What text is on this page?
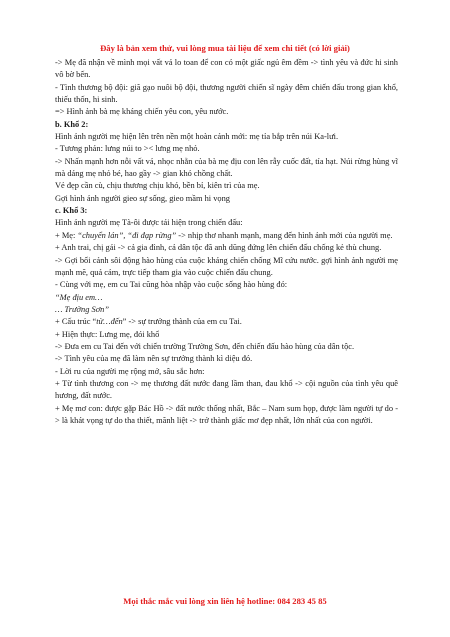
Đây là bản xem thử, vui lòng mua tài liệu để xem chi tiết (có lời giải)

-> Mẹ đã nhận về mình mọi vất vả lo toan để con có một giấc ngủ êm đềm -> tình yêu và đức hi sinh vô bờ bến.

- Tình thương bộ đội: giã gạo nuôi bộ đội, thương người chiến sĩ ngày đêm chiến đấu trong gian khổ, thiếu thốn, hi sinh.

=> Hình ảnh bà mẹ kháng chiến yêu con, yêu nước.

b. Khổ 2:

Hình ảnh người mẹ hiện lên trên nền một hoàn cảnh mới: mẹ tỉa bắp trên núi Ka-lưi.

- Tương phản: lưng núi to >< lưng mẹ nhỏ.

-> Nhấn mạnh hơn nỗi vất vả, nhọc nhằn của bà mẹ địu con lên rẫy cuốc đất, tỉa hạt. Núi rừng hùng vĩ mà dáng mẹ nhỏ bé, hao gầy -> gian khó chồng chất.

Vẻ đẹp cần cù, chịu thương chịu khó, bền bỉ, kiên trì của mẹ.

Gợi hình ảnh người gieo sự sống, gieo mầm hi vọng

c. Khổ 3:

Hình ảnh người mẹ Tà-ôi được tái hiện trong chiến đấu:

+ Mẹ: “chuyển lán”, “đi đạp rừng” -> nhịp thơ nhanh mạnh, mang đến hình ảnh mới của người mẹ.

+ Anh trai, chị gái -> cả gia đình, cả dân tộc đã anh dũng đứng lên chiến đấu chống kẻ thù chung.

-> Gợi bối cảnh sôi động hào hùng của cuộc kháng chiến chống Mĩ cứu nước. gợi hình ảnh người mẹ mạnh mẽ, quả cảm, trực tiếp tham gia vào cuộc chiến đấu chung.

- Cùng với mẹ, em cu Tai cũng hòa nhập vào cuộc sống hào hùng đó:

“Mẹ địu em…

… Trường Sơn”

+ Cấu trúc “từ…đến” -> sự trưởng thành của em cu Tai.

+ Hiện thực: Lưng mẹ, đói khổ

-> Đưa em cu Tai đến với chiến trường Trường Sơn, đến chiến đấu hào hùng của dân tộc.

-> Tình yêu của mẹ đã làm nên sự trưởng thành kì diệu đó.

- Lời ru của người mẹ rộng mở, sâu sắc hơn:

+ Từ tình thương con -> mẹ thương đất nước đang lầm than, đau khổ -> cội nguồn của tình yêu quê hương, đất nước.

+ Mẹ mơ con: được gặp Bác Hồ -> đất nước thống nhất, Bắc – Nam sum họp, được làm người tự do -> là khát vọng tự do tha thiết, mãnh liệt -> trở thành giấc mơ đẹp nhất, lớn nhất của con người.

Mọi thắc mắc vui lòng xin liên hệ hotline: 084 283 45 85
